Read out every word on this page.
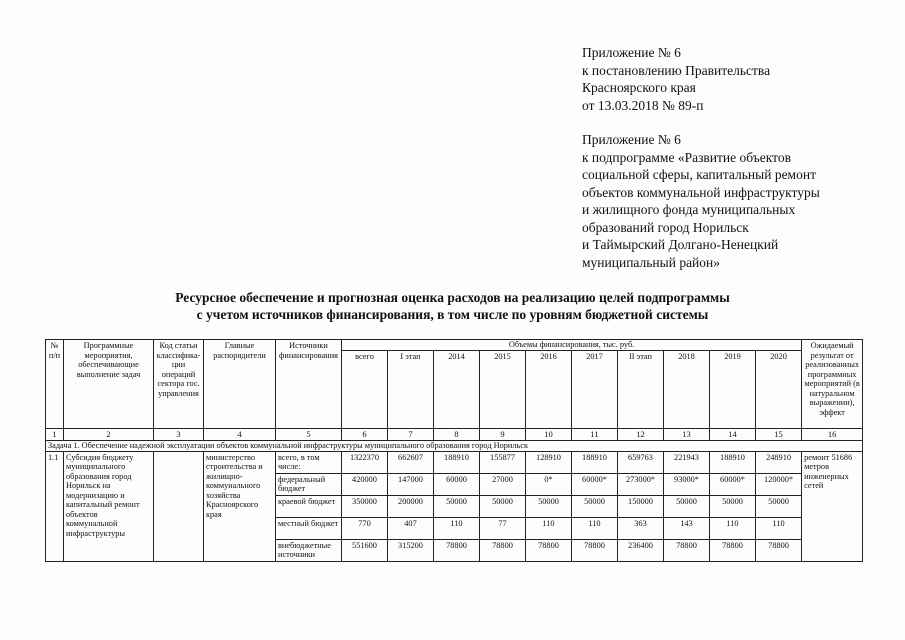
Приложение № 6
к постановлению Правительства
Красноярского края
от 13.03.2018 № 89-п
Приложение № 6
к подпрограмме «Развитие объектов
социальной сферы, капитальный ремонт
объектов коммунальной инфраструктуры
и жилищного фонда муниципальных
образований город Норильск
и Таймырский Долгано-Ненецкий
муниципальный район»
Ресурсное обеспечение и прогнозная оценка расходов на реализацию целей подпрограммы
с учетом источников финансирования, в том числе по уровням бюджетной системы
№ п/п	Программные мероприятия, обеспечивающие выполнение задач	Код статьи классифика-ции операций сектора гос. управления	Главные распорядители	Источники финансирования	Объемы финансирования, тыс. руб.										Ожидаемый результат от реализованных программных мероприятий (в натуральном выражении), эффект
					всего	I этап	2014	2015	2016	2017	II этап	2018	2019	2020	
1	2	3	4	5	6	7	8	9	10	11	12	13	14	15	16
Задача 1. Обеспечение надежной эксплуатации объектов коммунальной инфраструктуры муниципального образования город Норильск															
1.1	Субсидия бюджету муниципального образования город Норильск на модернизацию и капитальный ремонт объектов коммунальной инфраструктуры		министерство строительства и жилищно-коммунального хозяйства Красноярского края	всего, в том числе:	1322370	662607	188910	155877	128910	188910	659763	221943	188910	248910	ремонт 51686 метров инженерных сетей
				федеральный бюджет	420000	147000	60000	27000	0*	60000*	273000*	93000*	60000*	120000*	
				краевой бюджет	350000	200000	50000	50000	50000	50000	150000	50000	50000	50000	
				местный бюджет	770	407	110	77	110	110	363	143	110	110	
				внебюджетные источники	551600	315200	78800	78800	78800	78800	236400	78800	78800	78800	
